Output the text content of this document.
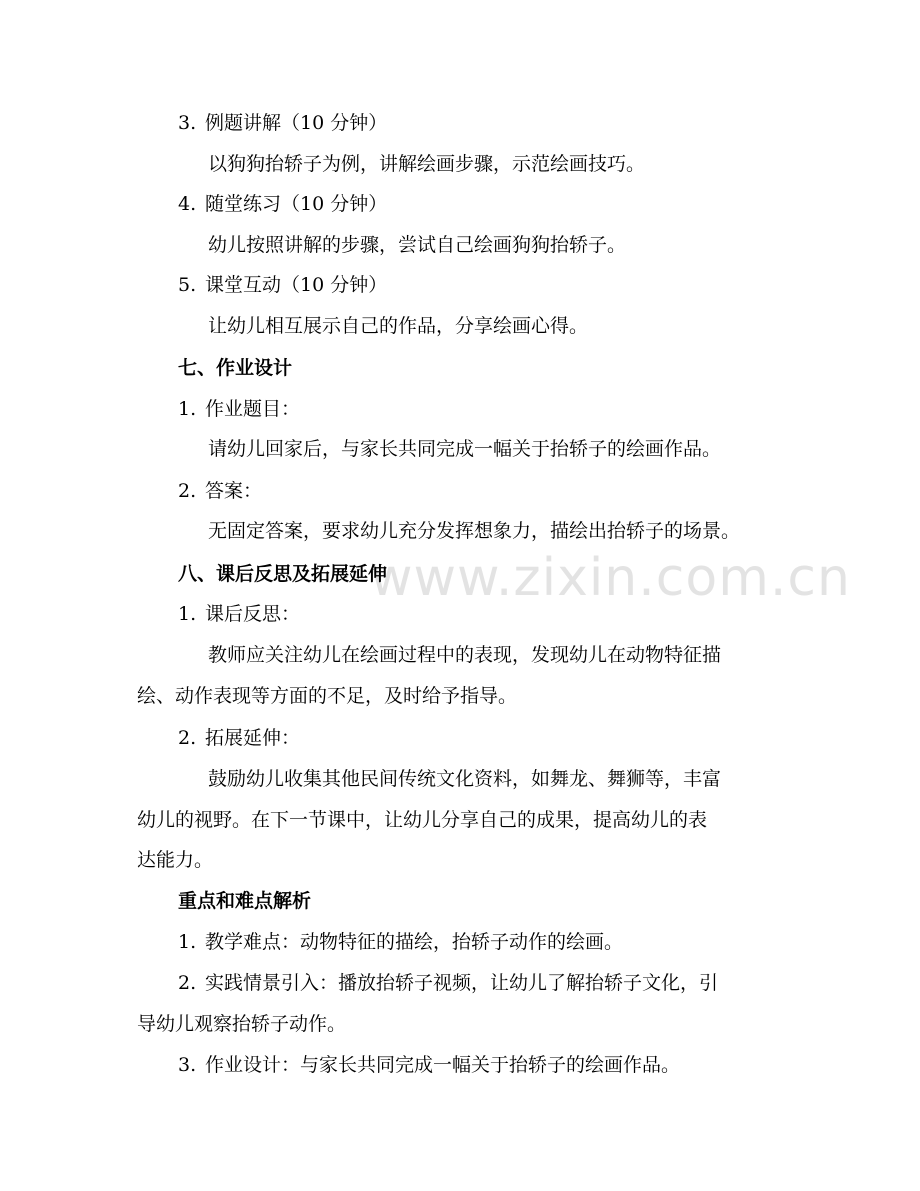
www.zixin.com.cn
3. 例题讲解（10 分钟）
以狗狗抬轿子为例，讲解绘画步骤，示范绘画技巧。
4. 随堂练习（10 分钟）
幼儿按照讲解的步骤，尝试自己绘画狗狗抬轿子。
5. 课堂互动（10 分钟）
让幼儿相互展示自己的作品，分享绘画心得。
七、作业设计
1. 作业题目：
请幼儿回家后，与家长共同完成一幅关于抬轿子的绘画作品。
2. 答案：
无固定答案，要求幼儿充分发挥想象力，描绘出抬轿子的场景。
八、课后反思及拓展延伸
1. 课后反思：
教师应关注幼儿在绘画过程中的表现，发现幼儿在动物特征描
绘、动作表现等方面的不足，及时给予指导。
2. 拓展延伸：
鼓励幼儿收集其他民间传统文化资料，如舞龙、舞狮等，丰富
幼儿的视野。在下一节课中，让幼儿分享自己的成果，提高幼儿的表
达能力。
重点和难点解析
1. 教学难点：动物特征的描绘，抬轿子动作的绘画。
2. 实践情景引入：播放抬轿子视频，让幼儿了解抬轿子文化，引
导幼儿观察抬轿子动作。
3. 作业设计：与家长共同完成一幅关于抬轿子的绘画作品。
